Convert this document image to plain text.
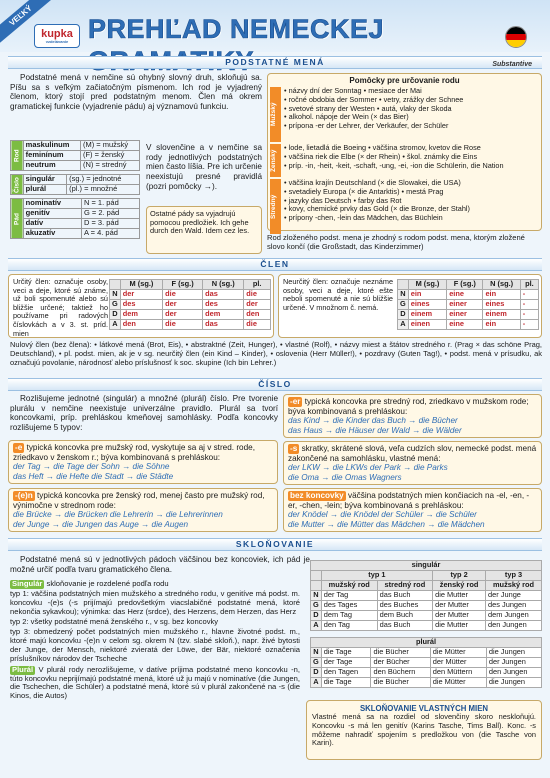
VEĽKÝ
kupka
vzdelávanie PREHĽAD NEMECKEJ
PODSTATNÉ MENÁ	Substantive

Podstatné mená v nemčine sú ohybný slovný druh, skloňujú sa. Píšu sa s veľkým začiatočným písmenom. Ich rod je vyjadrený členom, ktorý stojí pred podstatným menom. Člen má okrem gramatickej funkcie (vyjadrenie pádu) aj významovú funkciu.

Rod	maskulinum	(M) = mužský
	feminínum	(F) = ženský
	neutrum	(N) = stredný
Číslo	singulár	(sg.) = jednotné
	plurál	(pl.) = množné
Pád	nominatív	N = 1. pád
	genitív	G = 2. pád
	datív	D = 3. pád
	akuzatív	A = 4. pád

V slovenčine a v nemčine sa rody jednotlivých podstatných mien často líšia. Pre ich určenie neexistujú presné pravidlá (pozri pomôcky →).

Ostatné pády sa vyjadrujú pomocou predložiek. Ich gehe durch den Wald. Idem cez les.
Pomôcky pre určovanie rodu
Mužský
• názvy dní der Sonntag • mesiace der Mai
• ročné obdobia der Sommer • vetry, zrážky der Schnee
• svetové strany der Westen • autá, vlaky der Skoda
• alkohol. nápoje der Wein (× das Bier)
• prípona -er der Lehrer, der Verkäufer, der Schüler
Ženský
• lode, lietadlá die Boeing • väčšina stromov, kvetov die Rose
• väčšina riek die Elbe (× der Rhein) • škol. známky die Eins
• príp. -in, -heit, -keit, -schaft, -ung, -ei, -ion die Schülerin, die Nation
Stredný
• väčšina krajín Deutschland (× die Slowakei, die USA)
• svetadiely Europa (× die Antarktis) • mestá Prag
• jazyky das Deutsch • farby das Rot
• kovy, chemické prvky das Gold (× die Bronze, der Stahl)
• prípony -chen, -lein das Mädchen, das Büchlein

Rod zloženého podst. mena je zhodný s rodom podst. mena, ktorým zložené slovo končí (die Großstadt, das Kinderzimmer)

ČLEN

Určitý člen: označuje osoby, veci a deje, ktoré sú známe, už boli spomenuté alebo sú bližšie určené; taktiež ho používame pri radových číslovkách a v 3. st. príd. mien

	M (sg.)	F (sg.)	N (sg.)	pl.
N	der	die	das	die
G	des	der	des	der
D	dem	der	dem	den
A	den	die	das	die

Neurčitý člen: označuje neznáme osoby, veci a deje, ktoré ešte neboli spomenuté a nie sú bližšie určené. V množnom č. nemá.

	M (sg.)	F (sg.)	N (sg.)	pl.
N	ein	eine	ein	-
G	eines	einer	eines	-
D	einem	einer	einem	-
A	einen	eine	ein	-

Nulový člen (bez člena): • látkové mená (Brot, Eis), • abstraktné (Zeit, Hunger), • vlastné (Rolf), • názvy miest a štátov stredného r. (Prag × das schöne Prag, Deutschland), • pl. podst. mien, ak je v sg. neurčitý člen (ein Kind – Kinder), • oslovenia (Herr Müller!), • pozdravy (Guten Tag!), • podst. mená v prísudku, ak označujú povolanie, národnosť alebo príslušnosť k soc. skupine (Ich bin Lehrer.)

ČÍSLO

Rozlišujeme jednotné (singulár) a množné (plurál) číslo. Pre tvorenie plurálu v nemčine neexistuje univerzálne pravidlo. Plurál sa tvorí koncovkami, príp. prehláskou kmeňovej samohlásky. Podľa koncovky rozlišujeme 5 typov:

-e typická koncovka pre mužský rod, vyskytuje sa aj v stred. rode, zriedkavo v ženskom r.; býva kombinovaná s prehláskou:
der Tag → die Tage der Sohn → die Söhne
das Heft → die Hefte die Stadt → die Städte
-(e)n typická koncovka pre ženský rod, menej často pre mužský rod, výnimočne v strednom rode:
die Brücke → die Brücken die Lehrerin → die Lehrerinnen
der Junge → die Jungen das Auge → die Augen
-er typická koncovka pre stredný rod, zriedkavo v mužskom rode; býva kombinovaná s prehláskou:
das Kind → die Kinder das Buch → die Bücher
das Haus → die Häuser der Wald → die Wälder
-s skratky, skrátené slová, veľa cudzích slov, nemecké podst. mená zakončené na samohlásku, vlastné mená:
der LKW → die LKWs der Park → die Parks
die Oma → die Omas Wagners
bez koncovky väčšina podstatných mien končiacich na -el, -en, -er, -chen, -lein; býva kombinovaná s prehláskou:
der Knödel → die Knödel der Schüler → die Schüler
die Mutter → die Mütter das Mädchen → die Mädchen
SKLOŇOVANIE

Podstatné mená sú v jednotlivých pádoch väčšinou bez koncoviek, ich pád je možné určiť podľa tvaru gramatického člena.

Singulár skloňovanie je rozdelené podľa rodu
typ 1: väčšina podstatných mien mužského a stredného rodu, v genitíve má podst. m. koncovku -(e)s (-s prijímajú predovšetkým viacslabičné podstatné mená, ktoré nekončia sykavkou); výnimka: das Herz (srdce), des Herzens, dem Herzen, das Herz
typ 2: všetky podstatné mená ženského r., v sg. bez koncovky
typ 3: obmedzený počet podstatných mien mužského r., hlavne životné podst. m., ktoré majú koncovku -(e)n v celom sg. okrem N (tzv. slabé skloň.), napr. živé bytosti der Junge, der Mensch, niektoré zvieratá der Löwe, der Bär, niektoré označenia príslušníkov národov der Tscheche
Plurál V plurál rody nerozlišujeme, v datíve príjima podstatné meno koncovku -n, túto koncovku neprijímajú podstatné mená, ktoré už ju majú v nominatíve (die Jungen, die Tschechen, die Schüler) a podstatné mená, ktoré sú v plurál zakončené na -s (die Kinos, die Autos)
singulár				
	typ 1		typ 2	typ 3
	mužský rod	stredný rod	ženský rod	mužský rod
N	der Tag	das Buch	die Mutter	der Junge
G	des Tages	des Buches	der Mutter	des Jungen
D	dem Tag	dem Buch	der Mutter	dem Jungen
A	den Tag	das Buch	die Mutter	den Jungen
plurál				
N	die Tage	die Bücher	die Mütter	die Jungen
G	der Tage	der Bücher	der Mütter	der Jungen
D	den Tagen	den Büchern	den Müttern	den Jungen
A	die Tage	die Bücher	die Mütter	die Jungen
SKLOŇOVANIE VLASTNÝCH MIEN
Vlastné mená sa na rozdiel od slovenčiny skoro neskloňujú. Koncovku -s má len genitív (Karins Tasche, Tims Ball). Konc. -s môžeme nahradiť spojením s predložkou von (die Tasche von Karin).
